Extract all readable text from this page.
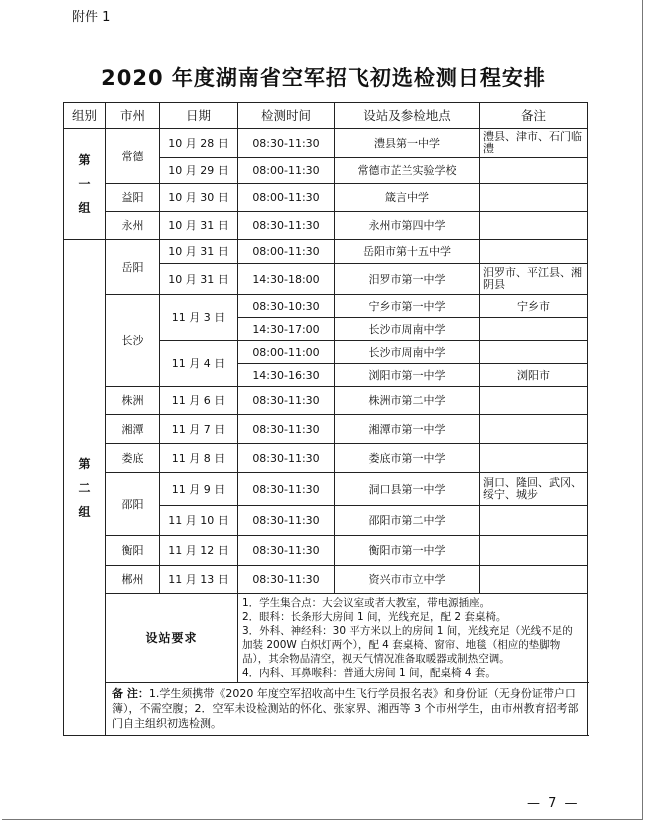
附件 1
2020 年度湖南省空军招飞初选检测日程安排
组别	市州	日期	检测时间	设站及参检地点	备注
第
一
组	常德	10 月 28 日	08:30-11:30	澧县第一中学	澧县、津市、石门临澧
		10 月 29 日	08:00-11:30	常德市芷兰实验学校	
	益阳	10 月 30 日	08:00-11:30	箴言中学	
	永州	10 月 31 日	08:30-11:30	永州市第四中学	
第
二
组	岳阳	10 月 31 日	08:00-11:30	岳阳市第十五中学	
		10 月 31 日	14:30-18:00	汨罗市第一中学	汨罗市、平江县、湘阴县
	长沙	11 月 3 日	08:30-10:30	宁乡市第一中学	宁乡市
			14:30-17:00	长沙市周南中学	
		11 月 4 日	08:00-11:00	长沙市周南中学	
			14:30-16:30	浏阳市第一中学	浏阳市
	株洲	11 月 6 日	08:30-11:30	株洲市第二中学	
	湘潭	11 月 7 日	08:30-11:30	湘潭市第一中学	
	娄底	11 月 8 日	08:30-11:30	娄底市第一中学	
	邵阳	11 月 9 日	08:30-11:30	洞口县第一中学	洞口、隆回、武冈、绥宁、城步
		11 月 10 日	08:30-11:30	邵阳市第二中学	
	衡阳	11 月 12 日	08:30-11:30	衡阳市第一中学	
	郴州	11 月 13 日	08:30-11:30	资兴市市立中学	
	设站要求		1．学生集合点：大会议室或者大教室，带电源插座。
2．眼科：长条形大房间 1 间，光线充足，配 2 套桌椅。
3．外科、神经科：30 平方米以上的房间 1 间，光线充足（光线不足的加装 200W 白炽灯两个），配 4 套桌椅、窗帘、地毯（相应的垫脚物品），其余物品清空，视天气情况准备取暖器或制热空调。
4．内科、耳鼻喉科：普通大房间 1 间，配桌椅 4 套。		

	备 注：1.学生须携带《2020 年度空军招收高中生飞行学员报名表》和身份证（无身份证带户口簿），不需空腹；2．空军未设检测站的怀化、张家界、湘西等 3 个市州学生，由市州教育招考部门自主组织初选检测。				
— 7 —
